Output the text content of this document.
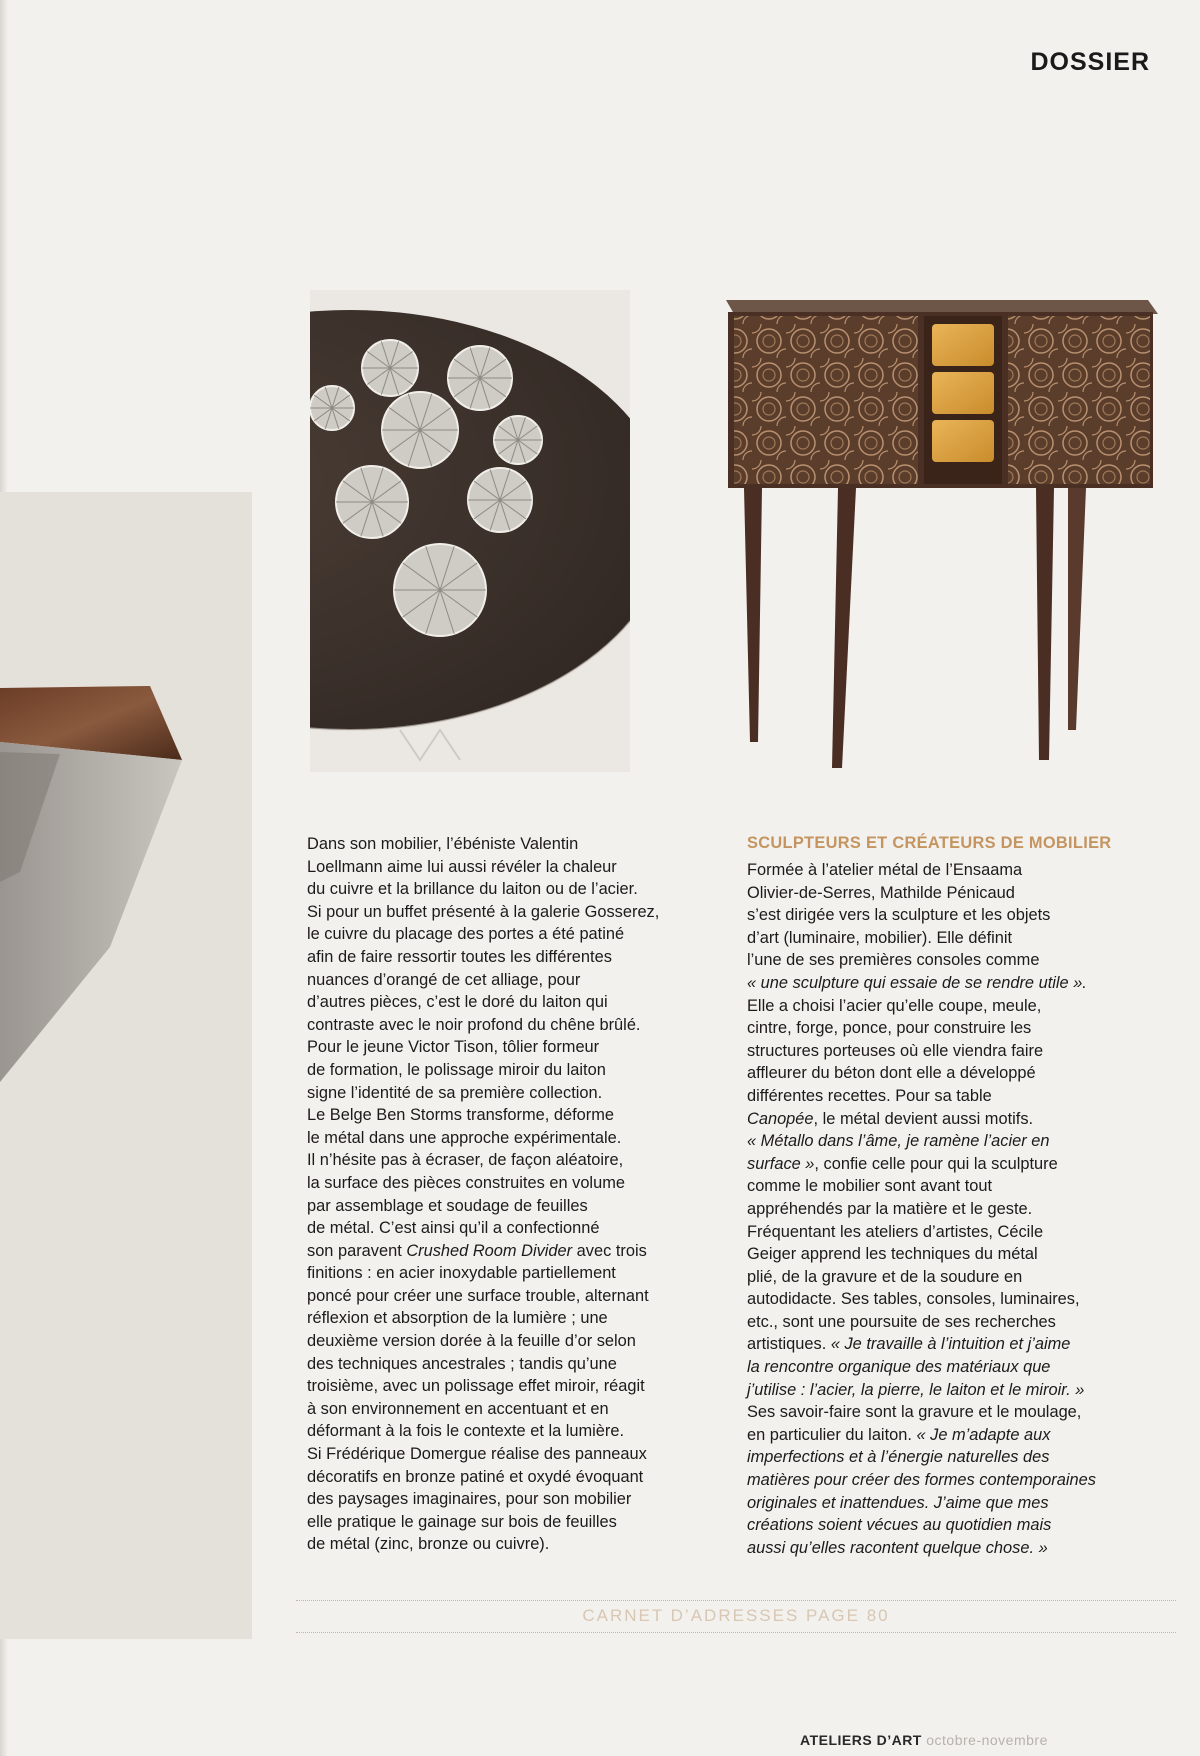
DOSSIER

Dans son mobilier, l’ébéniste Valentin
Loellmann aime lui aussi révéler la chaleur
du cuivre et la brillance du laiton ou de l’acier.
Si pour un buffet présenté à la galerie Gosserez,
le cuivre du placage des portes a été patiné
afin de faire ressortir toutes les différentes
nuances d’orangé de cet alliage, pour
d’autres pièces, c’est le doré du laiton qui
contraste avec le noir profond du chêne brûlé.
Pour le jeune Victor Tison, tôlier formeur
de formation, le polissage miroir du laiton
signe l’identité de sa première collection.
Le Belge Ben Storms transforme, déforme
le métal dans une approche expérimentale.
Il n’hésite pas à écraser, de façon aléatoire,
la surface des pièces construites en volume
par assemblage et soudage de feuilles
de métal. C’est ainsi qu’il a confectionné
son paravent Crushed Room Divider avec trois
finitions : en acier inoxydable partiellement
poncé pour créer une surface trouble, alternant
réflexion et absorption de la lumière ; une
deuxième version dorée à la feuille d’or selon
des techniques ancestrales ; tandis qu’une
troisième, avec un polissage effet miroir, réagit
à son environnement en accentuant et en
déformant à la fois le contexte et la lumière.
Si Frédérique Domergue réalise des panneaux
décoratifs en bronze patiné et oxydé évoquant
des paysages imaginaires, pour son mobilier
elle pratique le gainage sur bois de feuilles
de métal (zinc, bronze ou cuivre).

SCULPTEURS ET CRÉATEURS DE MOBILIER

Formée à l’atelier métal de l’Ensaama
Olivier-de-Serres, Mathilde Pénicaud
s’est dirigée vers la sculpture et les objets
d’art (luminaire, mobilier). Elle définit
l’une de ses premières consoles comme
« une sculpture qui essaie de se rendre utile ».
Elle a choisi l’acier qu’elle coupe, meule,
cintre, forge, ponce, pour construire les
structures porteuses où elle viendra faire
affleurer du béton dont elle a développé
différentes recettes. Pour sa table
Canopée, le métal devient aussi motifs.
« Métallo dans l’âme, je ramène l’acier en
surface », confie celle pour qui la sculpture
comme le mobilier sont avant tout
appréhendés par la matière et le geste.
Fréquentant les ateliers d’artistes, Cécile
Geiger apprend les techniques du métal
plié, de la gravure et de la soudure en
autodidacte. Ses tables, consoles, luminaires,
etc., sont une poursuite de ses recherches
artistiques. « Je travaille à l’intuition et j’aime
la rencontre organique des matériaux que
j’utilise : l’acier, la pierre, le laiton et le miroir. »
Ses savoir-faire sont la gravure et le moulage,
en particulier du laiton. « Je m’adapte aux
imperfections et à l’énergie naturelles des
matières pour créer des formes contemporaines
originales et inattendues. J’aime que mes
créations soient vécues au quotidien mais
aussi qu’elles racontent quelque chose. »

CARNET D’ADRESSES PAGE 80
ATELIERS D’ART octobre-novembre
